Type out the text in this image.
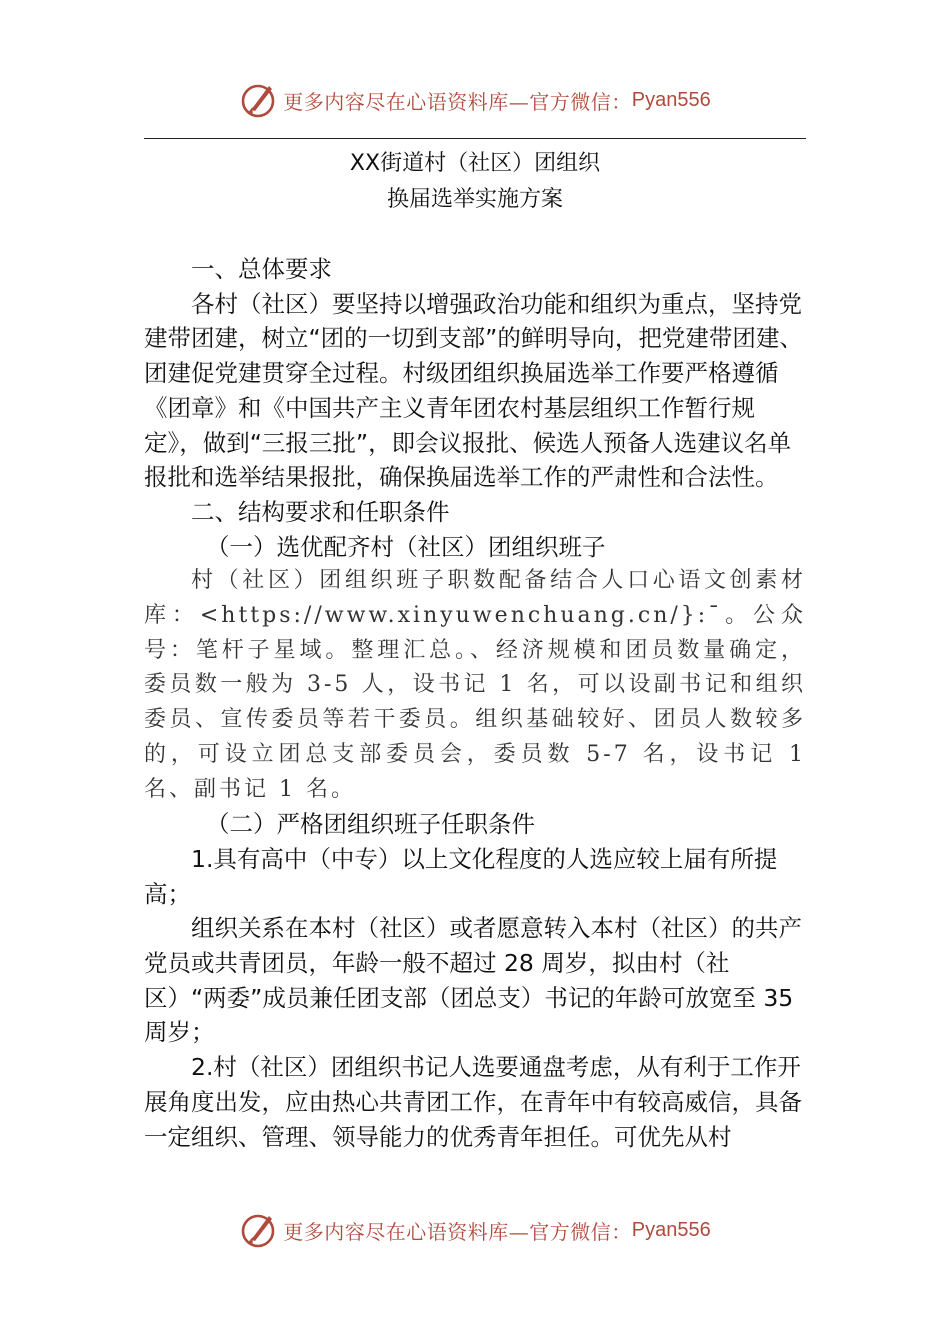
更多内容尽在心语资料库—官方微信： Pyan556
XX街道村（社区）团组织
换届选举实施方案

一、总体要求

各村（社区）要坚持以增强政治功能和组织为重点，坚持党建带团建，树立“团的一切到支部”的鲜明导向，把党建带团建、团建促党建贯穿全过程。村级团组织换届选举工作要严格遵循《团章》和《中国共产主义青年团农村基层组织工作暂行规定》，做到“三报三批”，即会议报批、候选人预备人选建议名单报批和选举结果报批，确保换届选举工作的严肃性和合法性。

二、结构要求和任职条件

（一）选优配齐村（社区）团组织班子

村（社区）团组织班子职数配备结合人口心语文创素材库：<https://www.xinyuwenchuang.cn/}:¯。公众号：笔杆子星域。整理汇总。、经济规模和团员数量确定，委员数一般为 3-5 人，设书记 1 名，可以设副书记和组织委员、宣传委员等若干委员。组织基础较好、团员人数较多的，可设立团总支部委员会，委员数 5-7 名，设书记 1 名、副书记 1 名。

（二）严格团组织班子任职条件

1.具有高中（中专）以上文化程度的人选应较上届有所提高；

组织关系在本村（社区）或者愿意转入本村（社区）的共产党员或共青团员，年龄一般不超过 28 周岁，拟由村（社区）“两委”成员兼任团支部（团总支）书记的年龄可放宽至 35 周岁；

2.村（社区）团组织书记人选要通盘考虑，从有利于工作开展角度出发，应由热心共青团工作，在青年中有较高威信，具备一定组织、管理、领导能力的优秀青年担任。可优先从村

更多内容尽在心语资料库—官方微信： Pyan556
